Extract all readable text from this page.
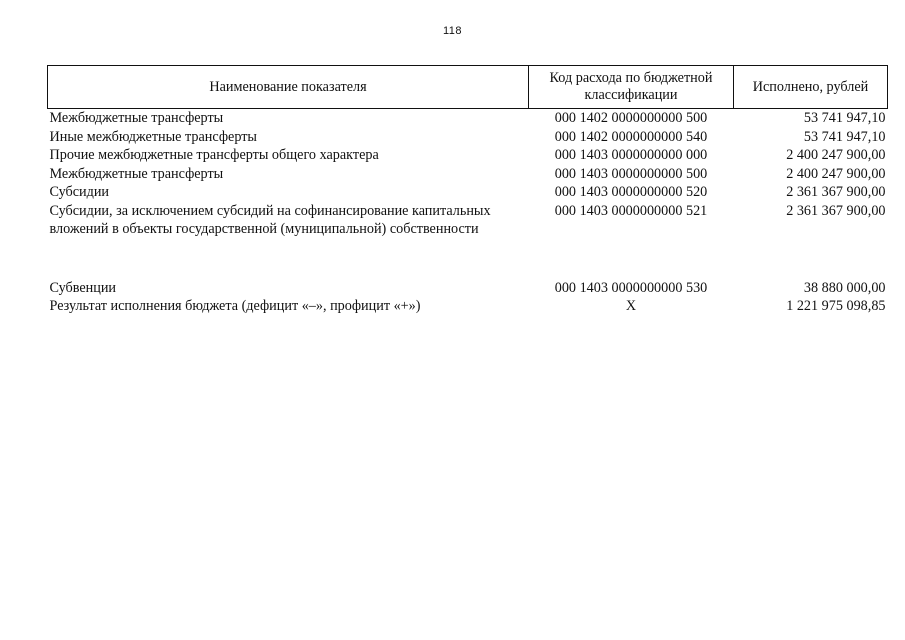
118
Наименование показателя	Код расхода по бюджетной классификации	Исполнено, рублей
Межбюджетные трансферты	000 1402 0000000000 500	53 741 947,10
Иные межбюджетные трансферты	000 1402 0000000000 540	53 741 947,10
Прочие межбюджетные трансферты общего характера	000 1403 0000000000 000	2 400 247 900,00
Межбюджетные трансферты	000 1403 0000000000 500	2 400 247 900,00
Субсидии	000 1403 0000000000 520	2 361 367 900,00
Субсидии, за исключением субсидий на софинансирование капитальных вложений в объекты государственной (муниципальной) собственности	000 1403 0000000000 521	2 361 367 900,00

Субвенции	000 1403 0000000000 530	38 880 000,00
Результат исполнения бюджета (дефицит «–», профицит «+»)	X	1 221 975 098,85
